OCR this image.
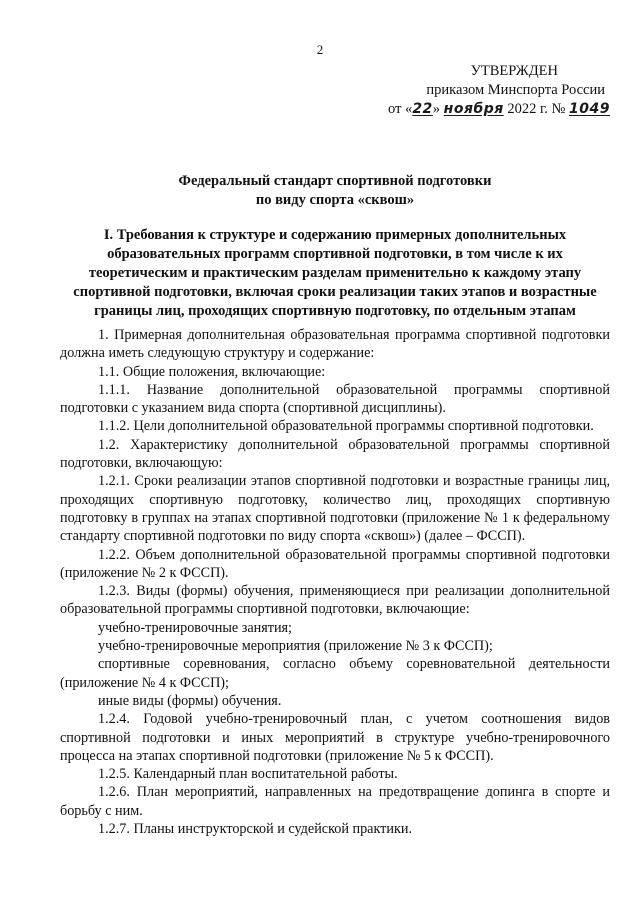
2
УТВЕРЖДЕН
приказом Минспорта России
от «22» ноября 2022 г. № 1049
Федеральный стандарт спортивной подготовки
по виду спорта «сквош»
I. Требования к структуре и содержанию примерных дополнительных
образовательных программ спортивной подготовки, в том числе к их
теоретическим и практическим разделам применительно к каждому этапу
спортивной подготовки, включая сроки реализации таких этапов и возрастные
границы лиц, проходящих спортивную подготовку, по отдельным этапам

1. Примерная дополнительная образовательная программа спортивной подготовки должна иметь следующую структуру и содержание:

1.1. Общие положения, включающие:

1.1.1. Название дополнительной образовательной программы спортивной подготовки с указанием вида спорта (спортивной дисциплины).

1.1.2. Цели дополнительной образовательной программы спортивной подготовки.

1.2. Характеристику дополнительной образовательной программы спортивной подготовки, включающую:

1.2.1. Сроки реализации этапов спортивной подготовки и возрастные границы лиц, проходящих спортивную подготовку, количество лиц, проходящих спортивную подготовку в группах на этапах спортивной подготовки (приложение № 1 к федеральному стандарту спортивной подготовки по виду спорта «сквош») (далее – ФССП).

1.2.2. Объем дополнительной образовательной программы спортивной подготовки (приложение № 2 к ФССП).

1.2.3. Виды (формы) обучения, применяющиеся при реализации дополнительной образовательной программы спортивной подготовки, включающие:

учебно-тренировочные занятия;

учебно-тренировочные мероприятия (приложение № 3 к ФССП);

спортивные соревнования, согласно объему соревновательной деятельности (приложение № 4 к ФССП);

иные виды (формы) обучения.

1.2.4. Годовой учебно-тренировочный план, с учетом соотношения видов спортивной подготовки и иных мероприятий в структуре учебно-тренировочного процесса на этапах спортивной подготовки (приложение № 5 к ФССП).

1.2.5. Календарный план воспитательной работы.

1.2.6. План мероприятий, направленных на предотвращение допинга в спорте и борьбу с ним.

1.2.7. Планы инструкторской и судейской практики.
